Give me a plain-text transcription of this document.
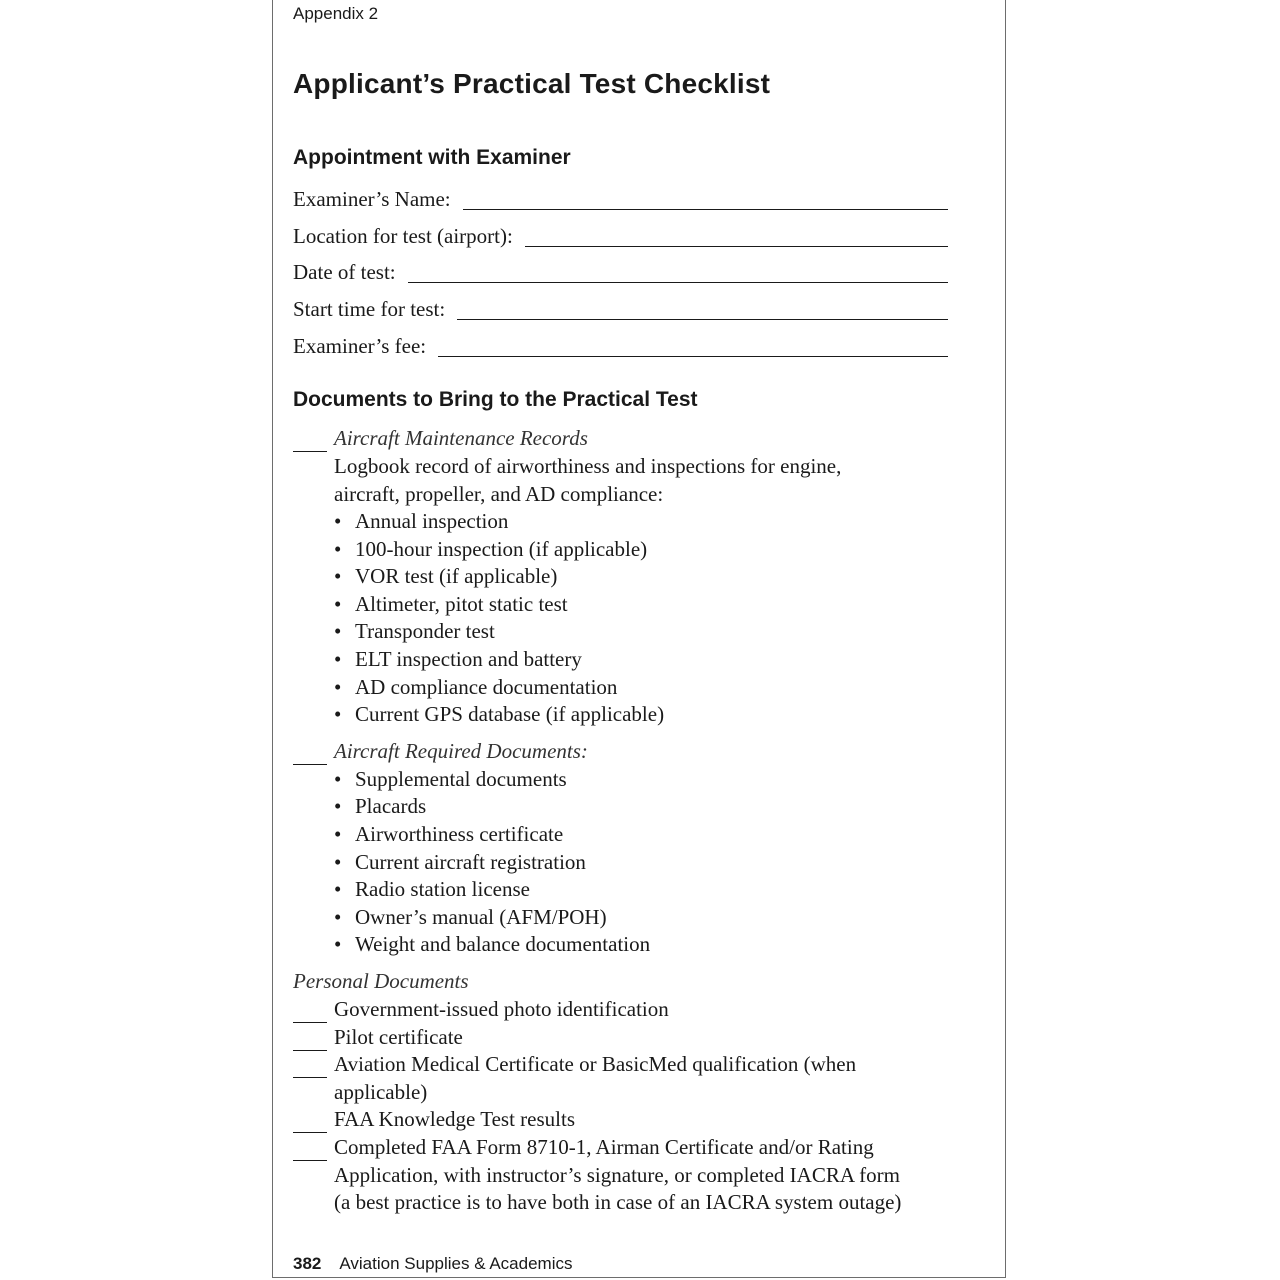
Appendix 2
Applicant’s Practical Test Checklist
Appointment with Examiner
Examiner’s Name:
Location for test (airport):
Date of test:
Start time for test:
Examiner’s fee:
Documents to Bring to the Practical Test
Aircraft Maintenance Records
Logbook record of airworthiness and inspections for engine,
aircraft, propeller, and AD compliance:
• Annual inspection
• 100-hour inspection (if applicable)
• VOR test (if applicable)
• Altimeter, pitot static test
• Transponder test
• ELT inspection and battery
• AD compliance documentation
• Current GPS database (if applicable)
Aircraft Required Documents:
• Supplemental documents
• Placards
• Airworthiness certificate
• Current aircraft registration
• Radio station license
• Owner’s manual (AFM/POH)
• Weight and balance documentation
Personal Documents
Government-issued photo identification
Pilot certificate
Aviation Medical Certificate or BasicMed qualification (when
applicable)
FAA Knowledge Test results
Completed FAA Form 8710-1, Airman Certificate and/or Rating
Application, with instructor’s signature, or completed IACRA form
(a best practice is to have both in case of an IACRA system outage)
382 Aviation Supplies & Academics
